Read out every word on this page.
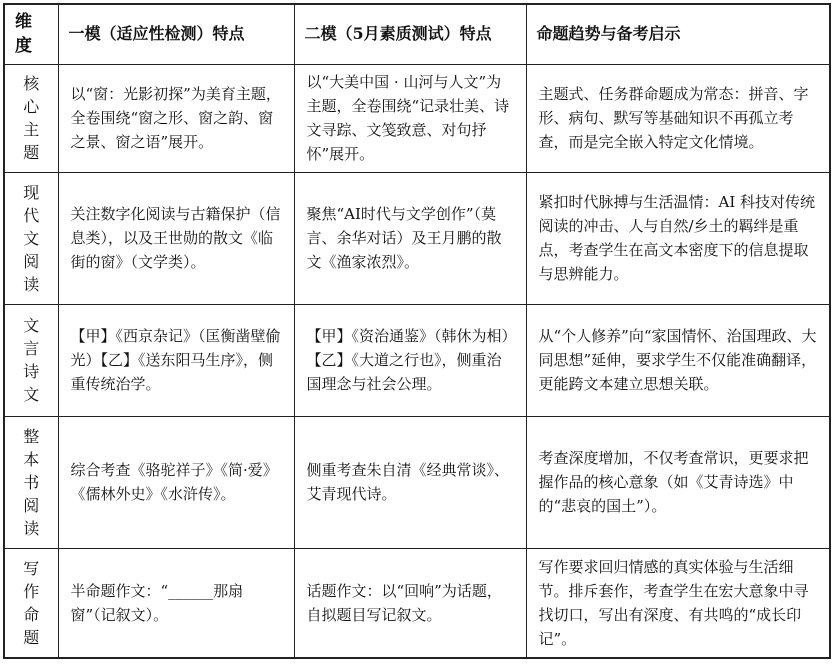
维度	一模（适应性检测）特点	二模（5月素质测试）特点	命题趋势与备考启示

核心主题	以“窗：光影初探”为美育主题，全卷围绕“窗之形、窗之韵、窗之景、窗之语”展开。	以“大美中国 · 山河与人文”为主题，全卷围绕“记录壮美、诗文寻踪、文笺致意、对句抒怀”展开。	主题式、任务群命题成为常态：拼音、字形、病句、默写等基础知识不再孤立考查，而是完全嵌入特定文化情境。

现代文阅读	关注数字化阅读与古籍保护（信息类），以及王世勋的散文《临街的窗》（文学类）。	聚焦“AI时代与文学创作”（莫言、余华对话）及王月鹏的散文《渔家浓烈》。	紧扣时代脉搏与生活温情：AI 科技对传统阅读的冲击、人与自然/乡土的羁绊是重点，考查学生在高文本密度下的信息提取与思辨能力。

文言诗文	【甲】《西京杂记》（匡衡凿壁偷光）【乙】《送东阳马生序》，侧重传统治学。	【甲】《资治通鉴》（韩休为相）【乙】《大道之行也》，侧重治国理念与社会公理。	从“个人修养”向“家国情怀、治国理政、大同思想”延伸，要求学生不仅能准确翻译，更能跨文本建立思想关联。

整本书阅读	综合考查《骆驼祥子》《简·爱》《儒林外史》《水浒传》。	侧重考查朱自清《经典常谈》、艾青现代诗。	考查深度增加，不仅考查常识，更要求把握作品的核心意象（如《艾青诗选》中的“悲哀的国土”）。

写作命题	半命题作文：“______那扇窗”（记叙文）。	话题作文：以“回响”为话题，自拟题目写记叙文。	写作要求回归情感的真实体验与生活细节。排斥套作，考查学生在宏大意象中寻找切口，写出有深度、有共鸣的“成长印记”。
